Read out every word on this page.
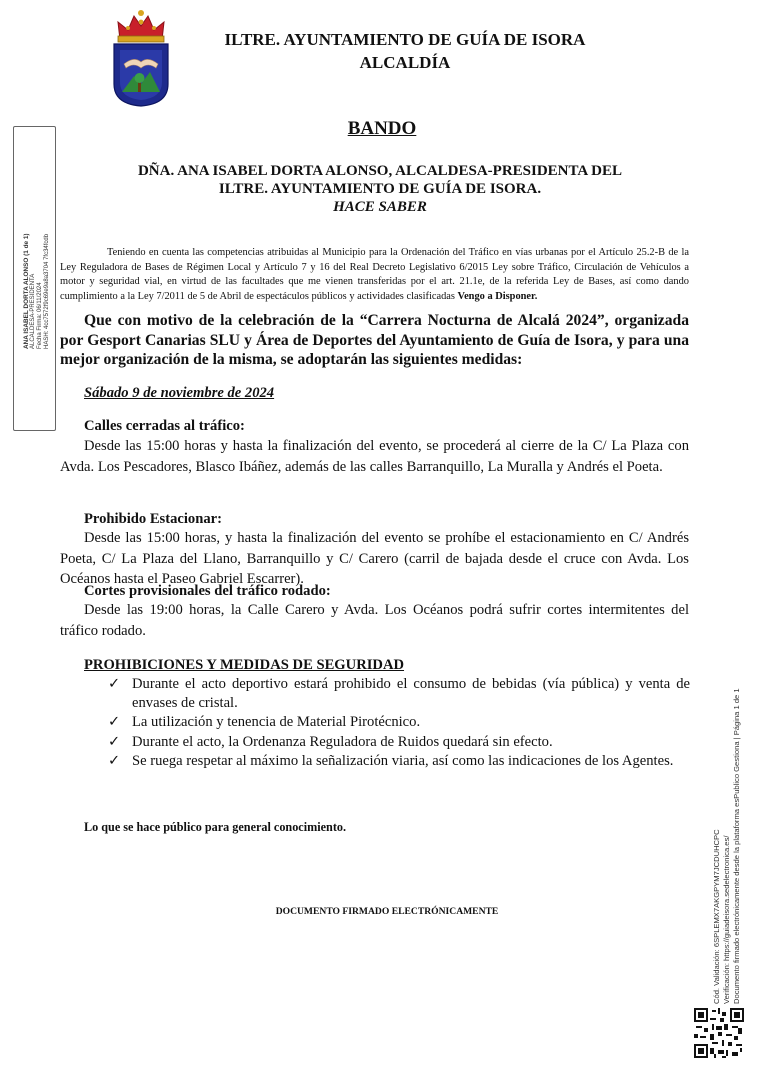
ILTRE. AYUNTAMIENTO DE GUÍA DE ISORA
ALCALDÍA
BANDO
DÑA. ANA ISABEL DORTA ALONSO, ALCALDESA-PRESIDENTA DEL
ILTRE. AYUNTAMIENTO DE GUÍA DE ISORA.
HACE SABER
Teniendo en cuenta las competencias atribuidas al Municipio para la Ordenación del Tráfico en vías urbanas por el Artículo 25.2-B de la Ley Reguladora de Bases de Régimen Local y Artículo 7 y 16 del Real Decreto Legislativo 6/2015 Ley sobre Tráfico, Circulación de Vehículos a motor y seguridad vial, en virtud de las facultades que me vienen transferidas por el art. 21.1e, de la referida Ley de Bases, así como dando cumplimiento a la Ley 7/2011 de 5 de Abril de espectáculos públicos y actividades clasificadas Vengo a Disponer.
Que con motivo de la celebración de la “Carrera Nocturna de Alcalá 2024”, organizada por Gesport Canarias SLU y Área de Deportes del Ayuntamiento de Guía de Isora, y para una mejor organización de la misma, se adoptarán las siguientes medidas:
Sábado 9 de noviembre de 2024
Calles cerradas al tráfico:
Desde las 15:00 horas y hasta la finalización del evento, se procederá al cierre de la C/ La Plaza con Avda. Los Pescadores, Blasco Ibáñez, además de las calles Barranquillo, La Muralla y Andrés el Poeta.
Prohibido Estacionar:
Desde las 15:00 horas, y hasta la finalización del evento se prohíbe el estacionamiento en C/ Andrés Poeta, C/ La Plaza del Llano, Barranquillo y C/ Carero (carril de bajada desde el cruce con Avda. Los Océanos hasta el Paseo Gabriel Escarrer).
Cortes provisionales del tráfico rodado:
Desde las 19:00 horas, la Calle Carero y Avda. Los Océanos podrá sufrir cortes intermitentes del tráfico rodado.
PROHIBICIONES Y MEDIDAS DE SEGURIDAD
✓ Durante el acto deportivo estará prohibido el consumo de bebidas (vía pública) y venta de envases de cristal.
✓ La utilización y tenencia de Material Pirotécnico.
✓ Durante el acto, la Ordenanza Reguladora de Ruidos quedará sin efecto.
✓ Se ruega respetar al máximo la señalización viaria, así como las indicaciones de los Agentes.
Lo que se hace público para general conocimiento.
DOCUMENTO FIRMADO ELECTRÓNICAMENTE
ANA ISABEL DORTA ALONSO (1 de 1) ALCALDESA-PRESIDENTA Fecha Firma: 06/11/2024 HASH: 4cc7572f9c69e9a8a3704 7fc34fcdb
Cód. Validación: 6SPLEMX7AKGPYM7JCDUHCPC Verificación: https://guiadeisora.sedelectronica.es/ Documento firmado electrónicamente desde la plataforma esPublico Gestiona | Página 1 de 1
